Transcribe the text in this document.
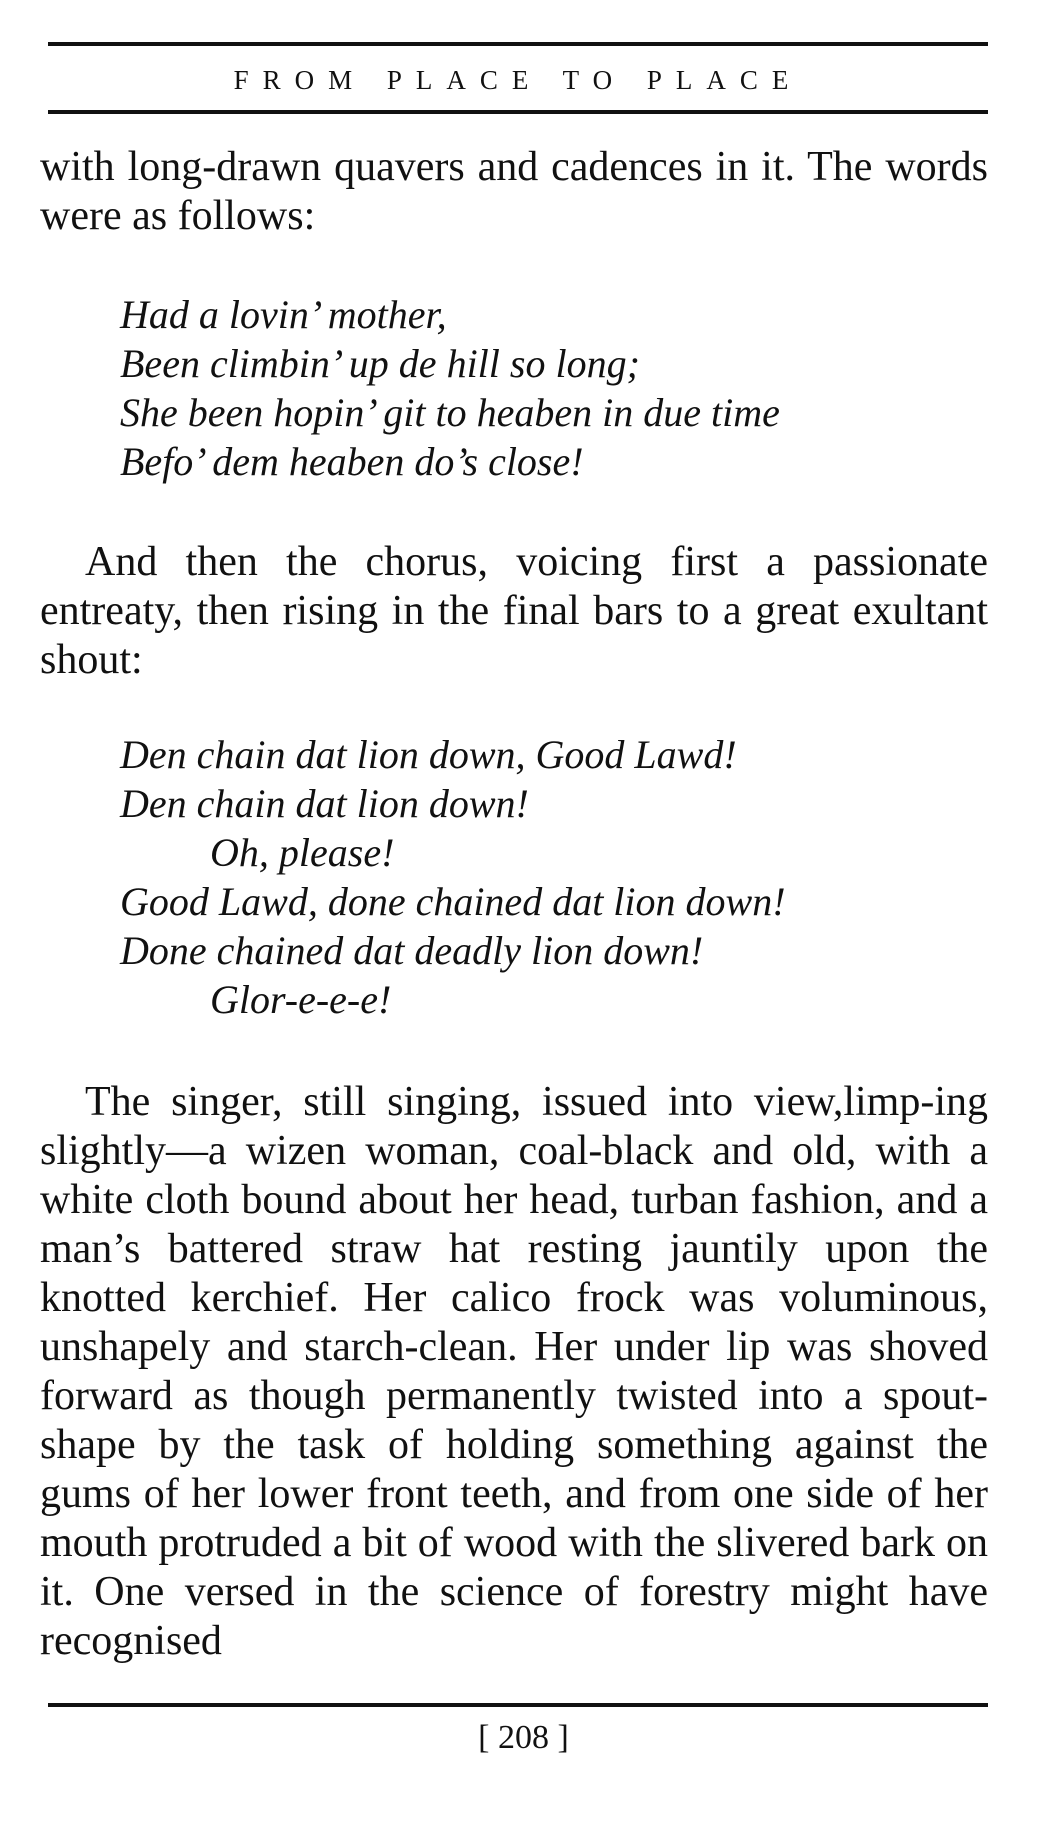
FROM PLACE TO PLACE
with long-drawn quavers and cadences in it. The words were as follows:
Had a lovin’ mother,
Been climbin’ up de hill so long;
She been hopin’ git to heaben in due time
Befo’ dem heaben do’s close!
And then the chorus, voicing first a passionate entreaty, then rising in the final bars to a great exultant shout:
Den chain dat lion down, Good Lawd!
Den chain dat lion down!
Oh, please!
Good Lawd, done chained dat lion down!
Done chained dat deadly lion down!
Glor-e-e-e!
The singer, still singing, issued into view,limp-ing slightly—a wizen woman, coal-black and old, with a white cloth bound about her head, turban fashion, and a man’s battered straw hat resting jauntily upon the knotted kerchief. Her calico frock was voluminous, unshapely and starch-clean. Her under lip was shoved forward as though permanently twisted into a spout-shape by the task of holding something against the gums of her lower front teeth, and from one side of her mouth protruded a bit of wood with the slivered bark on it. One versed in the science of forestry might have recognised
[ 208 ]
